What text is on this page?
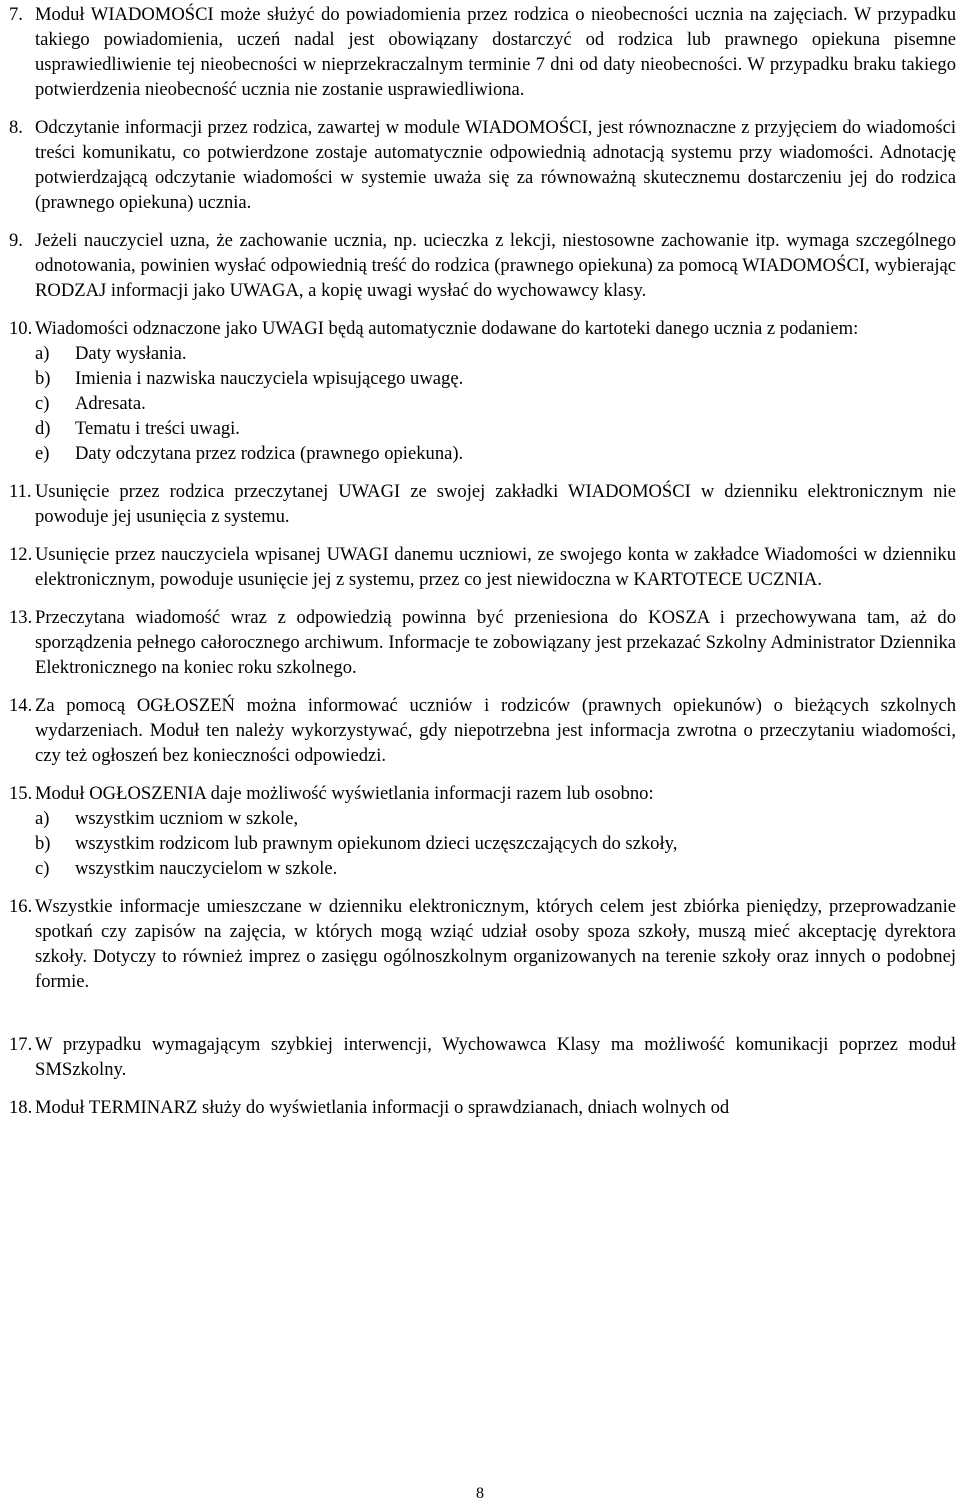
7. Moduł WIADOMOŚCI może służyć do powiadomienia przez rodzica o nieobecności ucznia na zajęciach. W przypadku takiego powiadomienia, uczeń nadal jest obowiązany dostarczyć od rodzica lub prawnego opiekuna pisemne usprawiedliwienie tej nieobecności w nieprzekraczalnym terminie 7 dni od daty nieobecności. W przypadku braku takiego potwierdzenia nieobecność ucznia nie zostanie usprawiedliwiona.

8. Odczytanie informacji przez rodzica, zawartej w module WIADOMOŚCI, jest równoznaczne z przyjęciem do wiadomości treści komunikatu, co potwierdzone zostaje automatycznie odpowiednią adnotacją systemu przy wiadomości. Adnotację potwierdzającą odczytanie wiadomości w systemie uważa się za równoważną skutecznemu dostarczeniu jej do rodzica (prawnego opiekuna) ucznia.

9. Jeżeli nauczyciel uzna, że zachowanie ucznia, np. ucieczka z lekcji, niestosowne zachowanie itp. wymaga szczególnego odnotowania, powinien wysłać odpowiednią treść do rodzica (prawnego opiekuna) za pomocą WIADOMOŚCI, wybierając RODZAJ informacji jako UWAGA, a kopię uwagi wysłać do wychowawcy klasy.

10. Wiadomości odznaczone jako UWAGI będą automatycznie dodawane do kartoteki danego ucznia z podaniem:

a)	Daty wysłania.
b)	Imienia i nazwiska nauczyciela wpisującego uwagę.
c)	Adresata.
d)	Tematu i treści uwagi.
e)	Daty odczytana przez rodzica (prawnego opiekuna).
11. Usunięcie przez rodzica przeczytanej UWAGI ze swojej zakładki WIADOMOŚCI w dzienniku elektronicznym nie powoduje jej usunięcia z systemu.

12. Usunięcie przez nauczyciela wpisanej UWAGI danemu uczniowi, ze swojego konta w zakładce Wiadomości w dzienniku elektronicznym, powoduje usunięcie jej z systemu, przez co jest niewidoczna w KARTOTECE UCZNIA.

13. Przeczytana wiadomość wraz z odpowiedzią powinna być przeniesiona do KOSZA i przechowywana tam, aż do sporządzenia pełnego całorocznego archiwum. Informacje te zobowiązany jest przekazać Szkolny Administrator Dziennika Elektronicznego na koniec roku szkolnego.

14. Za pomocą OGŁOSZEŃ można informować uczniów i rodziców (prawnych opiekunów) o bieżących szkolnych wydarzeniach. Moduł ten należy wykorzystywać, gdy niepotrzebna jest informacja zwrotna o przeczytaniu wiadomości, czy też ogłoszeń bez konieczności odpowiedzi.

15. Moduł OGŁOSZENIA daje możliwość wyświetlania informacji razem lub osobno:

a)	wszystkim uczniom w szkole,
b)	wszystkim rodzicom lub prawnym opiekunom dzieci uczęszczających do szkoły,
c)	wszystkim nauczycielom w szkole.
16. Wszystkie informacje umieszczane w dzienniku elektronicznym, których celem jest zbiórka pieniędzy, przeprowadzanie spotkań czy zapisów na zajęcia, w których mogą wziąć udział osoby spoza szkoły, muszą mieć akceptację dyrektora szkoły. Dotyczy to również imprez o zasięgu ogólnoszkolnym organizowanych na terenie szkoły oraz innych o podobnej formie.

17. W przypadku wymagającym szybkiej interwencji, Wychowawca Klasy ma możliwość komunikacji poprzez moduł SMSzkolny.

18. Moduł TERMINARZ służy do wyświetlania informacji o sprawdzianach, dniach wolnych od

8
